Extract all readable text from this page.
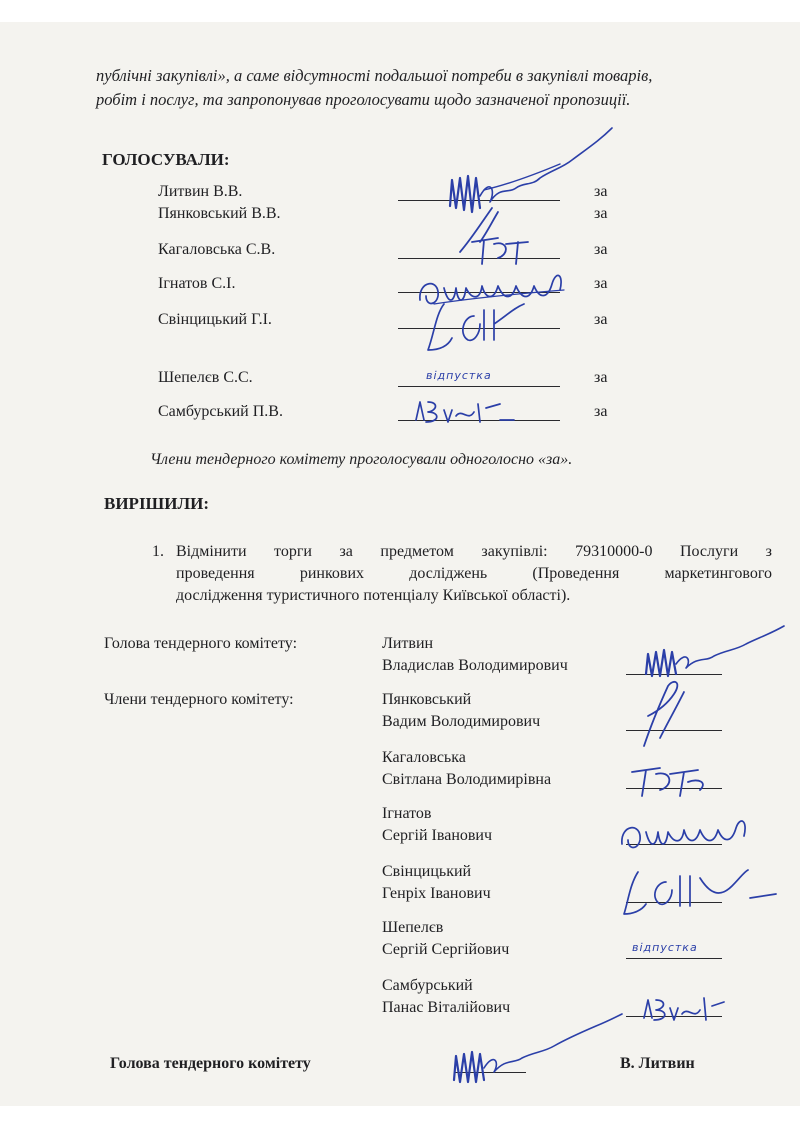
публічні закупівлі», а саме відсутності подальшої потреби в закупівлі товарів,
робіт і послуг, та запропонував проголосувати щодо зазначеної пропозиції.
ГОЛОСУВАЛИ:
Литвин В.В.	за
Пянковський В.В.	за
Кагаловська С.В.	за
Ігнатов С.І.	за
Свінцицький Г.І.	за
Шепелєв С.С.	відпустка	за
Самбурський П.В.	за
Члени тендерного комітету проголосували одноголосно «за».
ВИРІШИЛИ:
1. Відмінити торги за предметом закупівлі: 79310000-0 Послуги з
проведення ринкових досліджень (Проведення маркетингового
дослідження туристичного потенціалу Київської області).
Голова тендерного комітету:
Члени тендерного комітету:
Литвин
Владислав Володимирович
Пянковський
Вадим Володимирович
Кагаловська
Світлана Володимирівна
Ігнатов
Сергій Іванович
Свінцицький
Генріх Іванович
Шепелєв
Сергій Сергійович	відпустка
Самбурський
Панас Віталійович
Голова тендерного комітету	В. Литвин
